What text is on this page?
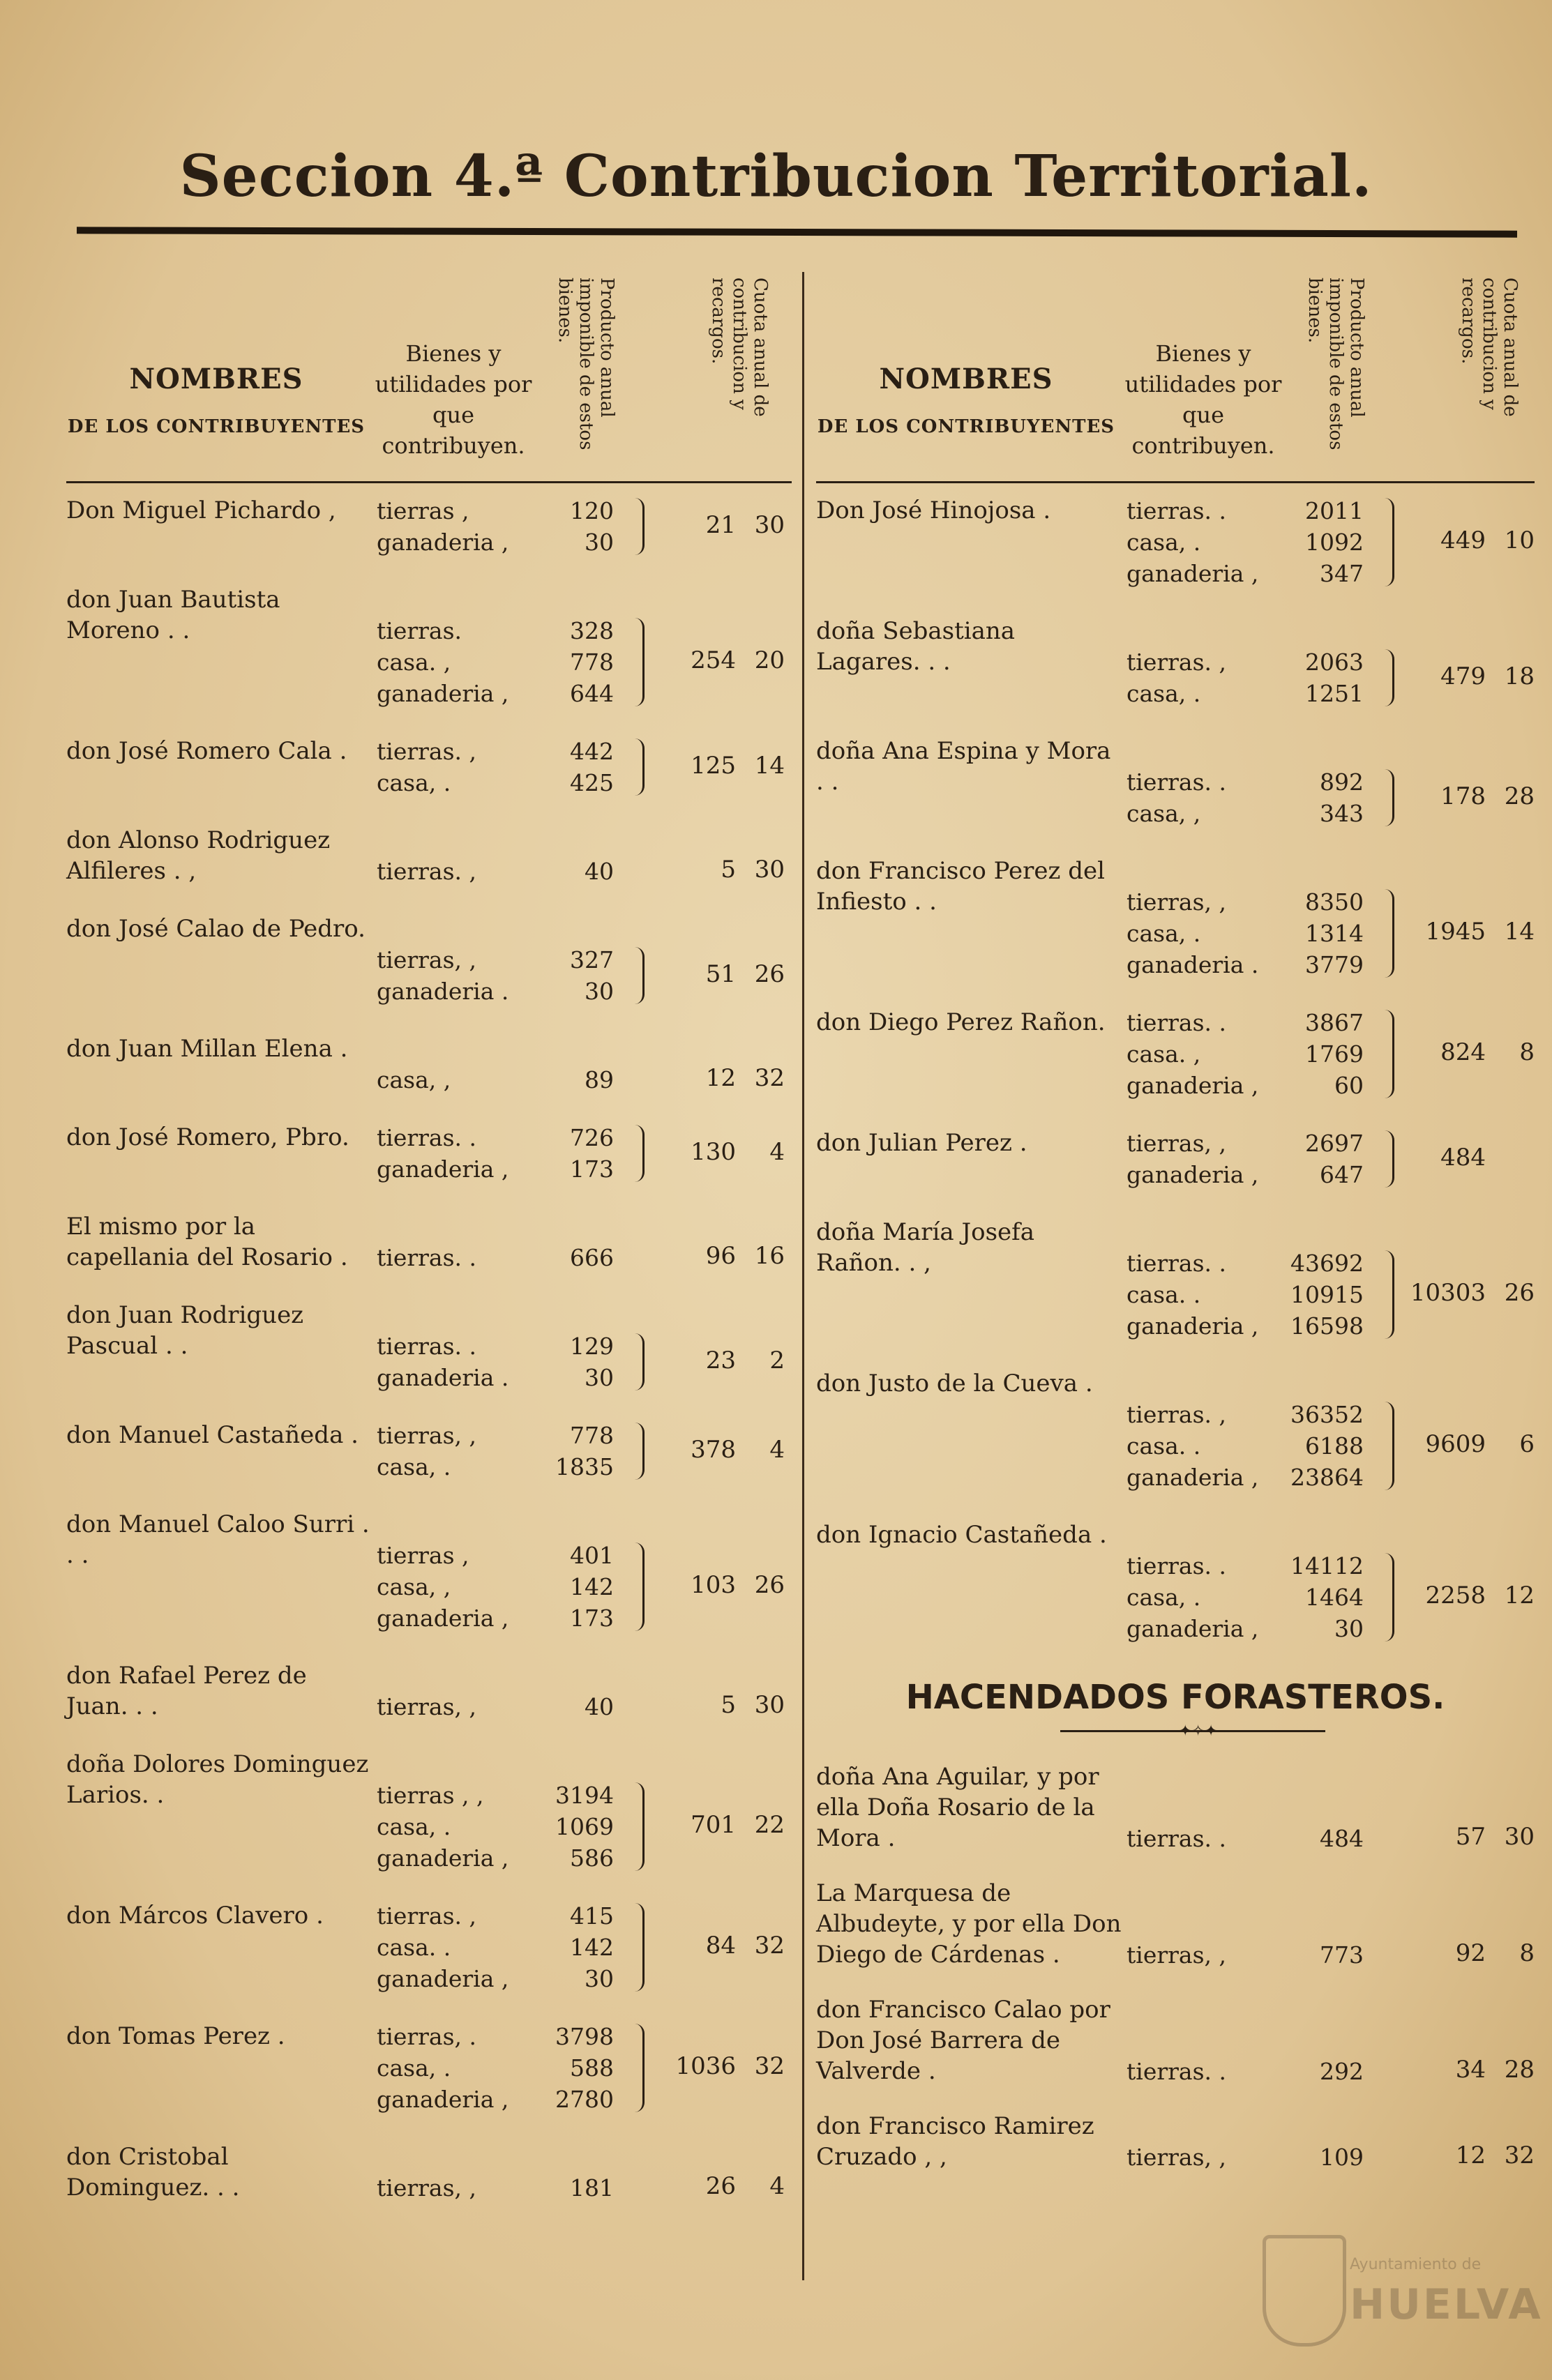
Seccion 4.ª Contribucion Territorial.
NOMBRES
DE LOS CONTRIBUYENTES
Bienes y utilidades por que contribuyen.
Producto anual imponible de estos bienes.	Cuota anual de contribucion y recargos.
Don Miguel Pichardo ,	tierras ,	120
ganaderia ,	30
21 30
don Juan Bautista Moreno . .	tierras.	328
casa. ,	778
ganaderia ,	644
254 20
don José Romero Cala .	tierras. ,	442
casa, .	425
125 14
don Alonso Rodriguez Alfileres . ,	tierras. ,	40	5 30
don José Calao de Pedro.
tierras, ,	327
ganaderia .	30
51 26
don Juan Millan Elena .
casa, ,	89	12 32
don José Romero, Pbro.	tierras. .	726
ganaderia ,	173
130	4
El mismo por la capellania del Rosario .	tierras. .	666	96 16
don Juan Rodriguez Pascual . .	tierras. .	129
ganaderia .	30
23	2
don Manuel Castañeda . tierras, ,	778
casa, .	1835
378	4
don Manuel Caloo Surri . . .	tierras ,	401
casa, ,	142
ganaderia ,	173
103 26
don Rafael Perez de Juan. . .	tierras, ,	40	5 30
doña Dolores Dominguez Larios. .	tierras , ,	3194
casa, .	1069
ganaderia ,	586
701 22
don Márcos Clavero .	tierras. ,	415
casa. .	142
ganaderia ,	30
84 32
don Tomas Perez .	tierras, .	3798
casa, .	588
ganaderia ,	2780
1036 32
don Cristobal Dominguez. . .	tierras, ,	181	26	4
NOMBRES
DE LOS CONTRIBUYENTES
Bienes y utilidades por que contribuyen.
Producto anual imponible de estos bienes.	Cuota anual de contribucion y recargos.
Don José Hinojosa .	tierras. .	2011
casa, .	1092
ganaderia ,	347
449 10
doña Sebastiana Lagares. . .	tierras. ,	2063
casa, .	1251
479 18
doña Ana Espina y Mora . .	tierras. .	892
casa, ,	343
178 28
don Francisco Perez del Infiesto . .	tierras, ,	8350
casa, .	1314
ganaderia .	3779
1945 14
don Diego Perez Rañon. tierras. .	3867
casa. ,	1769
ganaderia ,	60
824	8
don Julian Perez .	tierras, ,	2697
ganaderia ,	647
484
doña María Josefa Rañon. . ,	tierras. .	43692
casa. .	10915
ganaderia ,	16598
10303 26
don Justo de la Cueva .
tierras. ,	36352
casa. .	6188
ganaderia ,	23864
9609	6
don Ignacio Castañeda .
tierras. .	14112
casa, .	1464
ganaderia ,	30
2258 12
HACENDADOS FORASTEROS.
✦✧✦
doña Ana Aguilar, y por ella Doña Rosario de la Mora .	tierras. .	484	57 30
La Marquesa de Albudeyte, y por ella Don Diego de Cárdenas .	tierras, ,	773	92	8
don Francisco Calao por Don José Barrera de Valverde .	tierras. .	292	34 28
don Francisco Ramirez Cruzado , ,	tierras, ,	109	12 32
Ayuntamiento de
HUELVA
